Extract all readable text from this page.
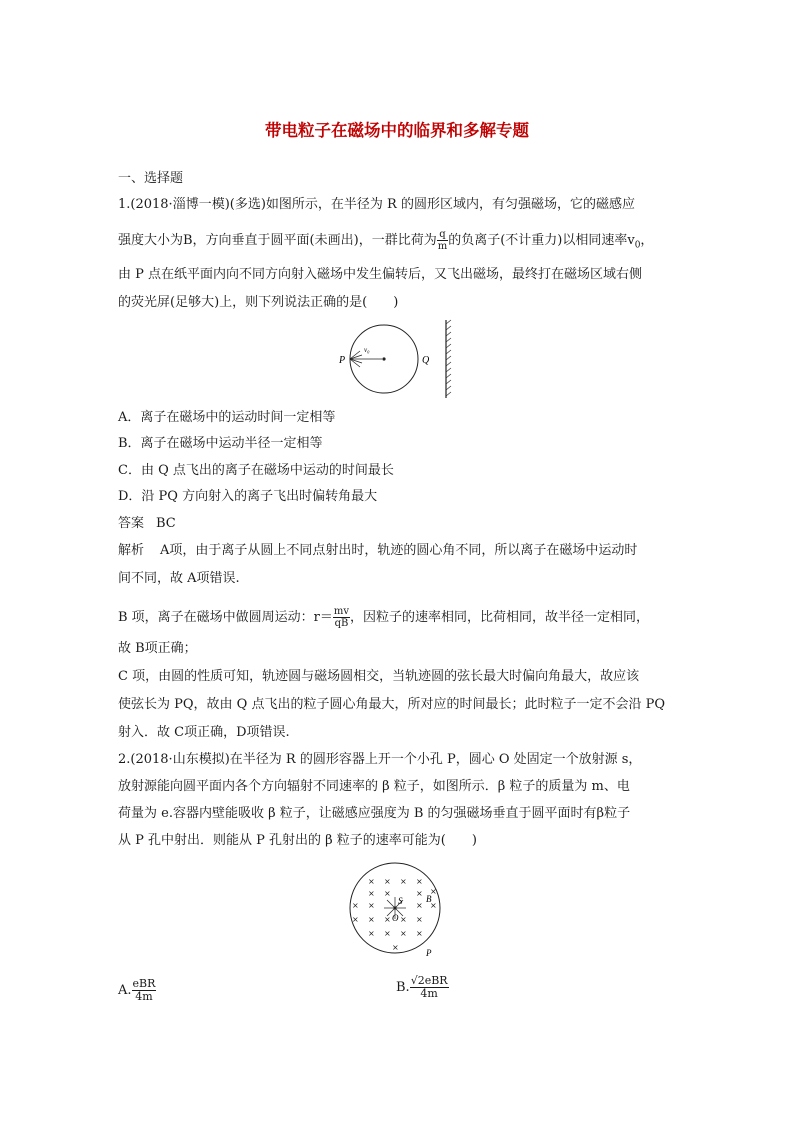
带电粒子在磁场中的临界和多解专题
一、选择题
1.(2018·淄博一模)(多选)如图所示，在半径为 R 的圆形区域内，有匀强磁场，它的磁感应
强度大小为B，方向垂直于圆平面(未画出)，一群比荷为 $\frac{q}{m}$ 的负离子(不计重力)以相同速率$v_0$，
由 P 点在纸平面内向不同方向射入磁场中发生偏转后，又飞出磁场，最终打在磁场区域右侧
的荧光屏(足够大)上，则下列说法正确的是(　　)
P	Q
v₀
A．离子在磁场中的运动时间一定相等
B．离子在磁场中运动半径一定相等
C．由 Q 点飞出的离子在磁场中运动的时间最长
D．沿 PQ 方向射入的离子飞出时偏转角最大
答案 BC
解析 A项，由于离子从圆上不同点射出时，轨迹的圆心角不同，所以离子在磁场中运动时
间不同，故 A项错误.
B 项，离子在磁场中做圆周运动：$r= \frac{mv}{qB}$ ，因粒子的速率相同，比荷相同，故半径一定相同，
故 B项正确；
C 项，由圆的性质可知，轨迹圆与磁场圆相交，当轨迹圆的弦长最大时偏向角最大，故应该
使弦长为 PQ，故由 Q 点飞出的粒子圆心角最大，所对应的时间最长；此时粒子一定不会沿 PQ
射入．故 C项正确，D项错误.
2.(2018·山东模拟)在半径为 R 的圆形容器上开一个小孔 P，圆心 O 处固定一个放射源 s，
放射源能向圆平面内各个方向辐射不同速率的 β 粒子，如图所示．β 粒子的质量为 m、电
荷量为 e.容器内壁能吸收 β 粒子，让磁感应强度为 B 的匀强磁场垂直于圆平面时有β粒子
从 P 孔中射出．则能从 P 孔射出的 β 粒子的速率可能为(　　)
× × × ×
×
× ×	× ×
×	× ×
× × × × ×
× × × ×
×
S
O
B
P
A. $\frac{\text{eBR}}{4m}$	B. $\frac{\text{√2eBR}}{4m}$
